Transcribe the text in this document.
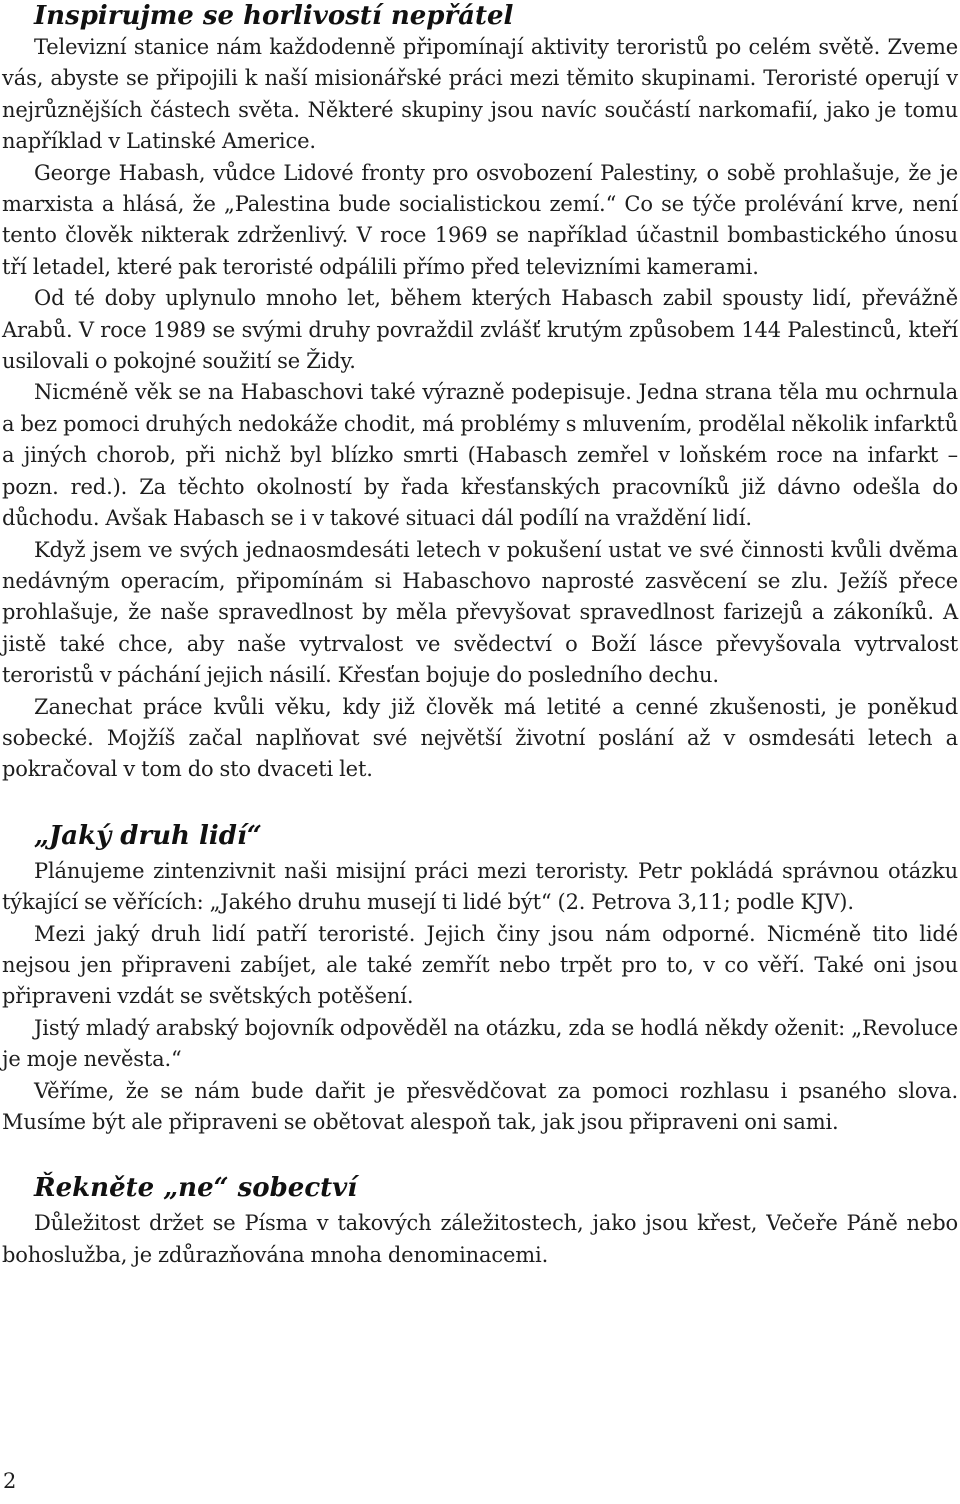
Inspirujme se horlivostí nepřátel

Televizní stanice nám každodenně připomínají aktivity teroristů po celém světě. Zveme vás, abyste se připojili k naší misionářské práci mezi těmito skupinami. Teroristé operují v nejrůznějších částech světa. Některé skupiny jsou navíc součástí narkomafií, jako je tomu například v Latinské Americe.

George Habash, vůdce Lidové fronty pro osvobození Palestiny, o sobě prohlašuje, že je marxista a hlásá, že „Palestina bude socialistickou zemí.“ Co se týče prolévání krve, není tento člověk nikterak zdrženlivý. V roce 1969 se například účastnil bombastického únosu tří letadel, které pak teroristé odpálili přímo před televizními kamerami.

Od té doby uplynulo mnoho let, během kterých Habasch zabil spousty lidí, převážně Arabů. V roce 1989 se svými druhy povraždil zvlášť krutým způsobem 144 Palestinců, kteří usilovali o pokojné soužití se Židy.

Nicméně věk se na Habaschovi také výrazně podepisuje. Jedna strana těla mu ochrnula a bez pomoci druhých nedokáže chodit, má problémy s mluvením, prodělal několik infarktů a jiných chorob, při nichž byl blízko smrti (Habasch zemřel v loňském roce na infarkt – pozn. red.). Za těchto okolností by řada křesťanských pracovníků již dávno odešla do důchodu. Avšak Habasch se i v takové situaci dál podílí na vraždění lidí.

Když jsem ve svých jednaosmdesáti letech v pokušení ustat ve své činnosti kvůli dvěma nedávným operacím, připomínám si Habaschovo naprosté zasvěcení se zlu. Ježíš přece prohlašuje, že naše spravedlnost by měla převyšovat spravedlnost farizejů a zákoníků. A jistě také chce, aby naše vytrvalost ve svědectví o Boží lásce převyšovala vytrvalost teroristů v páchání jejich násilí. Křesťan bojuje do posledního dechu.

Zanechat práce kvůli věku, kdy již člověk má letité a cenné zkušenosti, je poněkud sobecké. Mojžíš začal naplňovat své největší životní poslání až v osmdesáti letech a pokračoval v tom do sto dvaceti let.

„Jaký druh lidí“

Plánujeme zintenzivnit naši misijní práci mezi teroristy. Petr pokládá správnou otázku týkající se věřících: „Jakého druhu musejí ti lidé být“ (2. Petrova 3,11; podle KJV).

Mezi jaký druh lidí patří teroristé. Jejich činy jsou nám odporné. Nicméně tito lidé nejsou jen připraveni zabíjet, ale také zemřít nebo trpět pro to, v co věří. Také oni jsou připraveni vzdát se světských potěšení.

Jistý mladý arabský bojovník odpověděl na otázku, zda se hodlá někdy oženit: „Revoluce je moje nevěsta.“

Věříme, že se nám bude dařit je přesvědčovat za pomoci rozhlasu i psaného slova. Musíme být ale připraveni se obětovat alespoň tak, jak jsou připraveni oni sami.

Řekněte „ne“ sobectví

Důležitost držet se Písma v takových záležitostech, jako jsou křest, Večeře Páně nebo bohoslužba, je zdůrazňována mnoha denominacemi.

2
